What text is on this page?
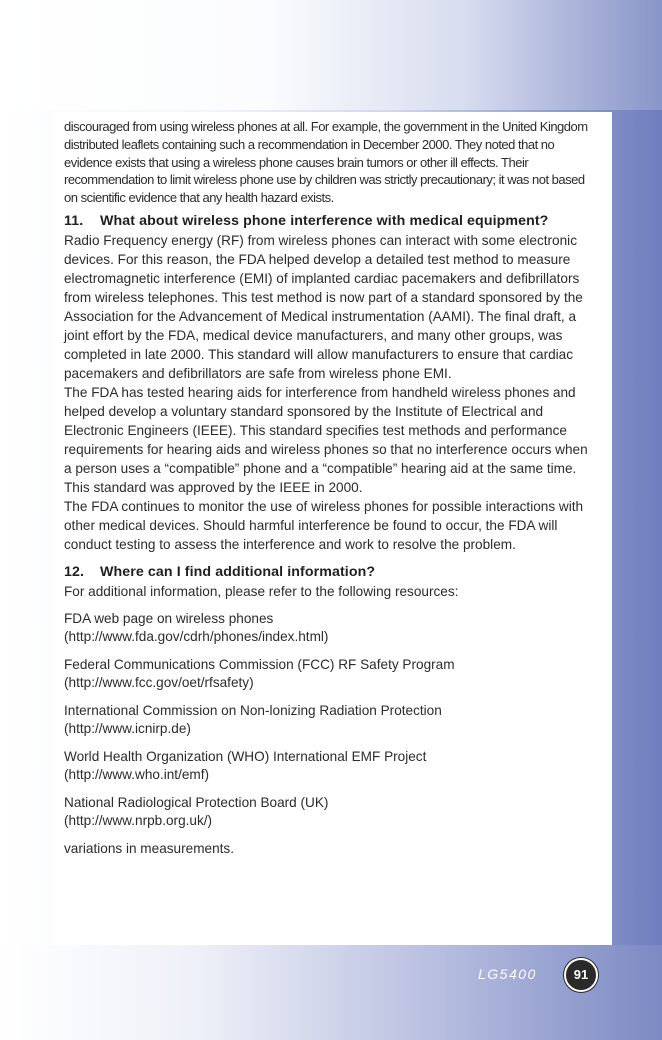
discouraged from using wireless phones at all. For example, the government in the United Kingdom distributed leaflets containing such a recommendation in December 2000. They noted that no evidence exists that using a wireless phone causes brain tumors or other ill effects. Their recommendation to limit wireless phone use by children was strictly precautionary; it was not based on scientific evidence that any health hazard exists.

11. What about wireless phone interference with medical equipment?

Radio Frequency energy (RF) from wireless phones can interact with some electronic devices. For this reason, the FDA helped develop a detailed test method to measure electromagnetic interference (EMI) of implanted cardiac pacemakers and defibrillators from wireless telephones. This test method is now part of a standard sponsored by the Association for the Advancement of Medical instrumentation (AAMI). The final draft, a joint effort by the FDA, medical device manufacturers, and many other groups, was completed in late 2000. This standard will allow manufacturers to ensure that cardiac pacemakers and defibrillators are safe from wireless phone EMI.

The FDA has tested hearing aids for interference from handheld wireless phones and helped develop a voluntary standard sponsored by the Institute of Electrical and Electronic Engineers (IEEE). This standard specifies test methods and performance requirements for hearing aids and wireless phones so that no interference occurs when a person uses a “compatible” phone and a “compatible” hearing aid at the same time. This standard was approved by the IEEE in 2000.

The FDA continues to monitor the use of wireless phones for possible interactions with other medical devices. Should harmful interference be found to occur, the FDA will conduct testing to assess the interference and work to resolve the problem.

12. Where can I find additional information?

For additional information, please refer to the following resources:

FDA web page on wireless phones
(http://www.fda.gov/cdrh/phones/index.html)
Federal Communications Commission (FCC) RF Safety Program
(http://www.fcc.gov/oet/rfsafety)
International Commission on Non-lonizing Radiation Protection
(http://www.icnirp.de)
World Health Organization (WHO) International EMF Project
(http://www.who.int/emf)
National Radiological Protection Board (UK)
(http://www.nrpb.org.uk/)
variations in measurements.
LG5400	91
